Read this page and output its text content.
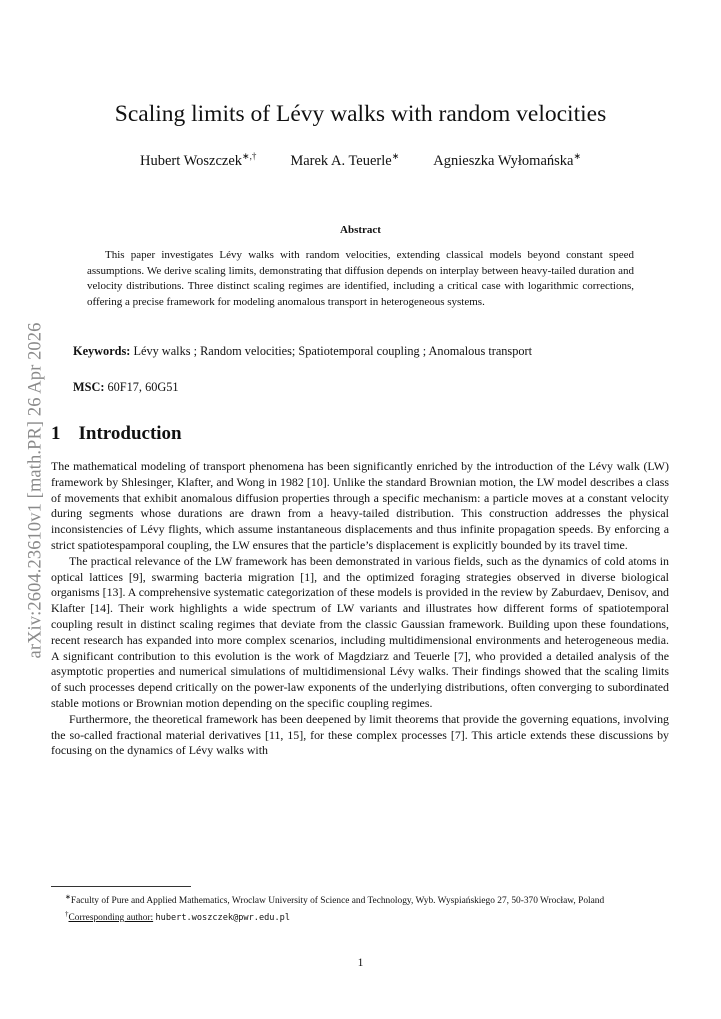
arXiv:2604.23610v1 [math.PR] 26 Apr 2026
Scaling limits of Lévy walks with random velocities
Hubert Woszczek∗,† Marek A. Teuerle∗ Agnieszka Wyłomańska∗
Abstract
This paper investigates Lévy walks with random velocities, extending classical models beyond constant speed assumptions. We derive scaling limits, demonstrating that diffusion depends on interplay between heavy-tailed duration and velocity distributions. Three distinct scaling regimes are identified, including a critical case with logarithmic corrections, offering a precise framework for modeling anomalous transport in heterogeneous systems.
Keywords: Lévy walks ; Random velocities; Spatiotemporal coupling ; Anomalous transport
MSC: 60F17, 60G51
1 Introduction

The mathematical modeling of transport phenomena has been significantly enriched by the introduction of the Lévy walk (LW) framework by Shlesinger, Klafter, and Wong in 1982 [10]. Unlike the standard Brownian motion, the LW model describes a class of movements that exhibit anomalous diffusion properties through a specific mechanism: a particle moves at a constant velocity during segments whose durations are drawn from a heavy-tailed distribution. This construction addresses the physical inconsistencies of Lévy flights, which assume instantaneous displacements and thus infinite propagation speeds. By enforcing a strict spatiotespamporal coupling, the LW ensures that the particle’s displacement is explicitly bounded by its travel time.

The practical relevance of the LW framework has been demonstrated in various fields, such as the dynamics of cold atoms in optical lattices [9], swarming bacteria migration [1], and the optimized foraging strategies observed in diverse biological organisms [13]. A comprehensive systematic categorization of these models is provided in the review by Zaburdaev, Denisov, and Klafter [14]. Their work highlights a wide spectrum of LW variants and illustrates how different forms of spatiotemporal coupling result in distinct scaling regimes that deviate from the classic Gaussian framework. Building upon these foundations, recent research has expanded into more complex scenarios, including multidimensional environments and heterogeneous media. A significant contribution to this evolution is the work of Magdziarz and Teuerle [7], who provided a detailed analysis of the asymptotic properties and numerical simulations of multidimensional Lévy walks. Their findings showed that the scaling limits of such processes depend critically on the power-law exponents of the underlying distributions, often converging to subordinated stable motions or Brownian motion depending on the specific coupling regimes.

Furthermore, the theoretical framework has been deepened by limit theorems that provide the governing equations, involving the so-called fractional material derivatives [11, 15], for these complex processes [7]. This article extends these discussions by focusing on the dynamics of Lévy walks with

∗Faculty of Pure and Applied Mathematics, Wroclaw University of Science and Technology, Wyb. Wyspiańskiego 27, 50-370 Wrocław, Poland

†Corresponding author: hubert.woszczek@pwr.edu.pl

1
